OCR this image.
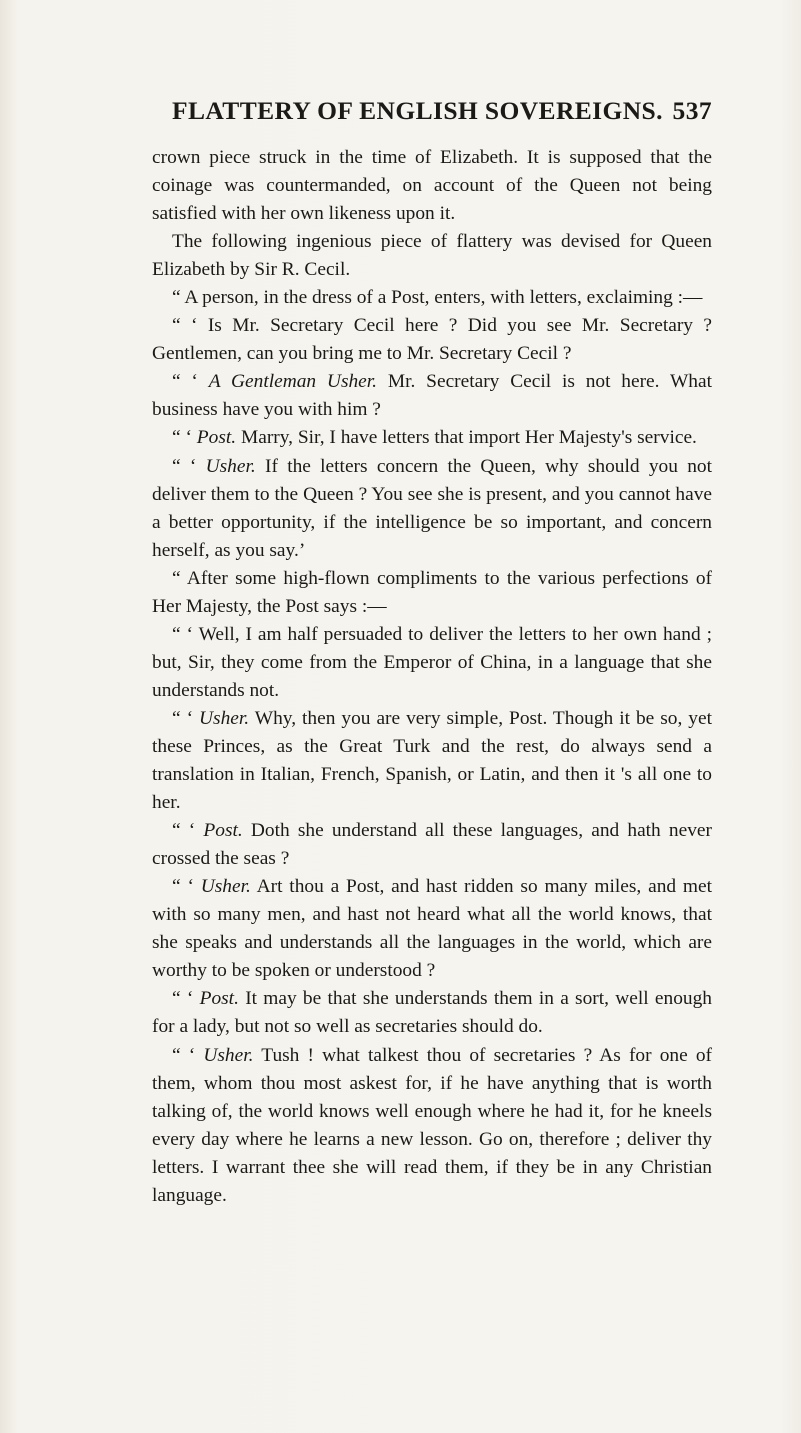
FLATTERY OF ENGLISH SOVEREIGNS. 537

crown piece struck in the time of Elizabeth. It is supposed that the coinage was countermanded, on account of the Queen not being satisfied with her own likeness upon it.

The following ingenious piece of flattery was devised for Queen Elizabeth by Sir R. Cecil.

“ A person, in the dress of a Post, enters, with letters, exclaiming :—

“ ‘ Is Mr. Secretary Cecil here ? Did you see Mr. Secretary ? Gentlemen, can you bring me to Mr. Secretary Cecil ?

“ ‘ A Gentleman Usher. Mr. Secretary Cecil is not here. What business have you with him ?

“ ‘ Post. Marry, Sir, I have letters that import Her Majesty's service.

“ ‘ Usher. If the letters concern the Queen, why should you not deliver them to the Queen ? You see she is present, and you cannot have a better opportunity, if the intelligence be so important, and concern herself, as you say.’

“ After some high-flown compliments to the various perfections of Her Majesty, the Post says :—

“ ‘ Well, I am half persuaded to deliver the letters to her own hand ; but, Sir, they come from the Emperor of China, in a language that she understands not.

“ ‘ Usher. Why, then you are very simple, Post. Though it be so, yet these Princes, as the Great Turk and the rest, do always send a translation in Italian, French, Spanish, or Latin, and then it 's all one to her.

“ ‘ Post. Doth she understand all these languages, and hath never crossed the seas ?

“ ‘ Usher. Art thou a Post, and hast ridden so many miles, and met with so many men, and hast not heard what all the world knows, that she speaks and understands all the languages in the world, which are worthy to be spoken or understood ?

“ ‘ Post. It may be that she understands them in a sort, well enough for a lady, but not so well as secretaries should do.

“ ‘ Usher. Tush ! what talkest thou of secretaries ? As for one of them, whom thou most askest for, if he have anything that is worth talking of, the world knows well enough where he had it, for he kneels every day where he learns a new lesson. Go on, therefore ; deliver thy letters. I warrant thee she will read them, if they be in any Christian language.
